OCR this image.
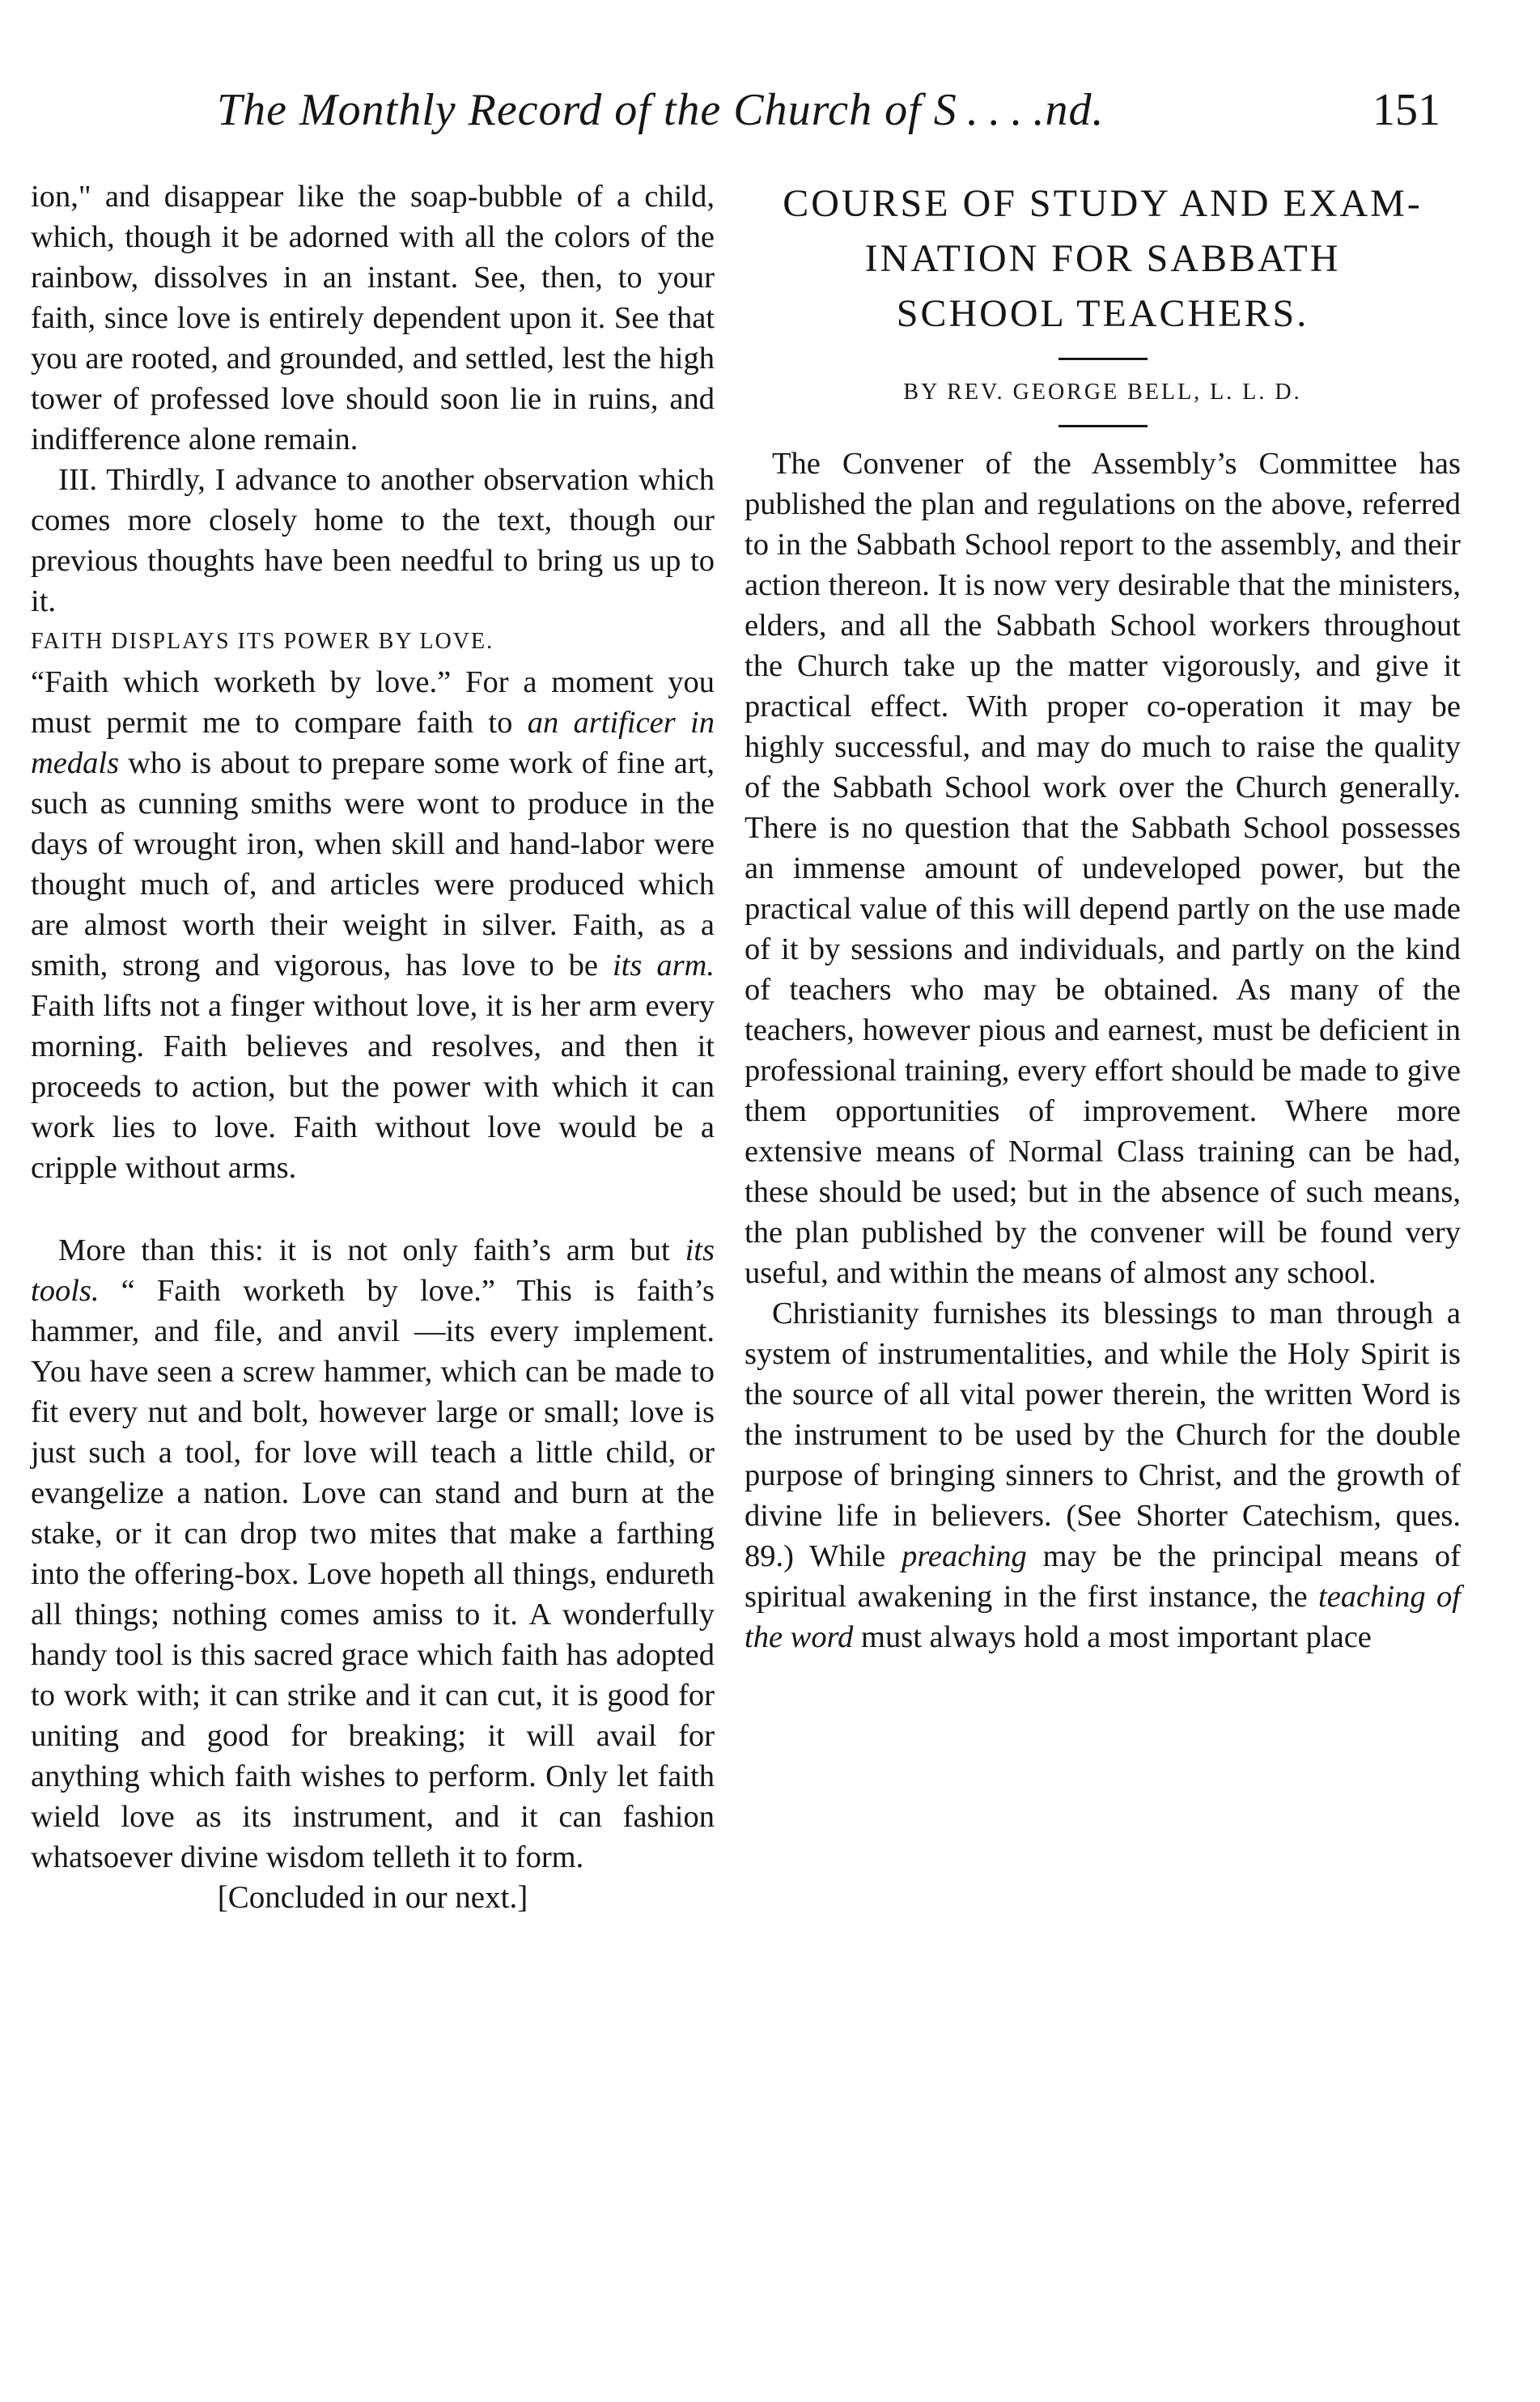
The Monthly Record of the Church of S . . . .nd.	151

ion," and disappear like the soap-bubble of a child, which, though it be adorned with all the colors of the rainbow, dissolves in an instant. See, then, to your faith, since love is entirely dependent upon it. See that you are rooted, and grounded, and settled, lest the high tower of professed love should soon lie in ruins, and indifference alone remain.

III. Thirdly, I advance to another observation which comes more closely home to the text, though our previous thoughts have been needful to bring us up to it.

FAITH DISPLAYS ITS POWER BY LOVE.

“Faith which worketh by love.” For a moment you must permit me to compare faith to an artificer in medals who is about to prepare some work of fine art, such as cunning smiths were wont to produce in the days of wrought iron, when skill and hand-labor were thought much of, and articles were produced which are almost worth their weight in silver. Faith, as a smith, strong and vigorous, has love to be its arm. Faith lifts not a finger without love, it is her arm every morning. Faith believes and resolves, and then it proceeds to action, but the power with which it can work lies to love. Faith without love would be a cripple without arms.

More than this: it is not only faith’s arm but its tools. “ Faith worketh by love.” This is faith’s hammer, and file, and anvil —its every implement. You have seen a screw hammer, which can be made to fit every nut and bolt, however large or small; love is just such a tool, for love will teach a little child, or evangelize a nation. Love can stand and burn at the stake, or it can drop two mites that make a farthing into the offering-box. Love hopeth all things, endureth all things; nothing comes amiss to it. A wonderfully handy tool is this sacred grace which faith has adopted to work with; it can strike and it can cut, it is good for uniting and good for breaking; it will avail for anything which faith wishes to perform. Only let faith wield love as its instrument, and it can fashion whatsoever divine wisdom telleth it to form.

[Concluded in our next.]

COURSE OF STUDY AND EXAM-
INATION FOR SABBATH
SCHOOL TEACHERS.

BY REV. GEORGE BELL, L. L. D.

The Convener of the Assembly’s Committee has published the plan and regulations on the above, referred to in the Sabbath School report to the assembly, and their action thereon. It is now very desirable that the ministers, elders, and all the Sabbath School workers throughout the Church take up the matter vigorously, and give it practical effect. With proper co-operation it may be highly successful, and may do much to raise the quality of the Sabbath School work over the Church generally. There is no question that the Sabbath School possesses an immense amount of undeveloped power, but the practical value of this will depend partly on the use made of it by sessions and individuals, and partly on the kind of teachers who may be obtained. As many of the teachers, however pious and earnest, must be deficient in professional training, every effort should be made to give them opportunities of improvement. Where more extensive means of Normal Class training can be had, these should be used; but in the absence of such means, the plan published by the convener will be found very useful, and within the means of almost any school.

Christianity furnishes its blessings to man through a system of instrumentalities, and while the Holy Spirit is the source of all vital power therein, the written Word is the instrument to be used by the Church for the double purpose of bringing sinners to Christ, and the growth of divine life in believers. (See Shorter Catechism, ques. 89.) While preaching may be the principal means of spiritual awakening in the first instance, the teaching of the word must always hold a most important place
